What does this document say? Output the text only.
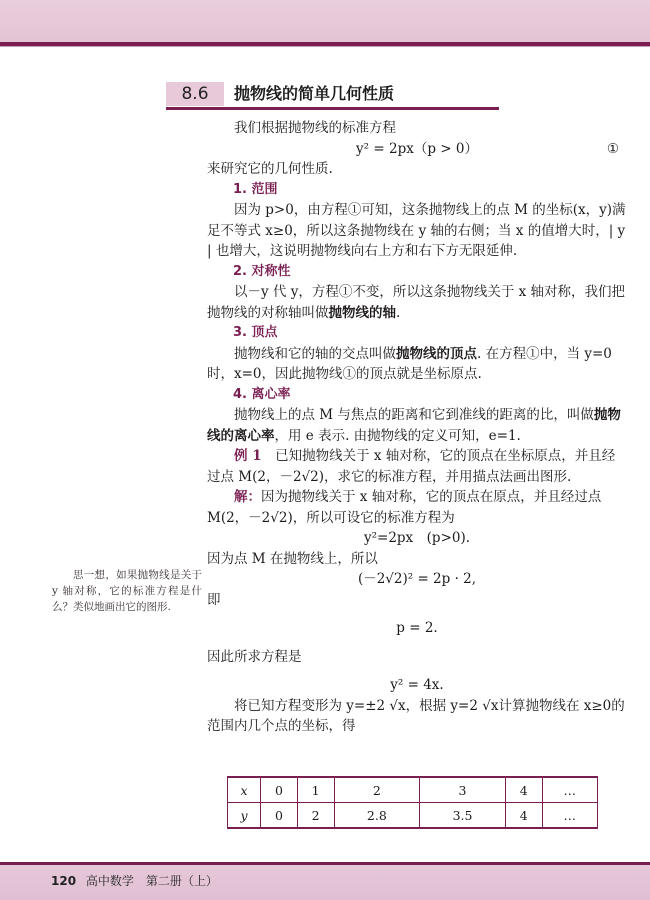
8.6	抛物线的简单几何性质

我们根据抛物线的标准方程

y² = 2px（p > 0）	①

来研究它的几何性质.

1. 范围

因为 p>0，由方程①可知，这条抛物线上的点 M 的坐标(x，y)满足不等式 x≥0，所以这条抛物线在 y 轴的右侧；当 x 的值增大时，| y | 也增大，这说明抛物线向右上方和右下方无限延伸.

2. 对称性

以－y 代 y，方程①不变，所以这条抛物线关于 x 轴对称，我们把抛物线的对称轴叫做抛物线的轴.

3. 顶点

抛物线和它的轴的交点叫做抛物线的顶点. 在方程①中，当 y=0时，x=0，因此抛物线①的顶点就是坐标原点.

4. 离心率

抛物线上的点 M 与焦点的距离和它到准线的距离的比，叫做抛物线的离心率，用 e 表示. 由抛物线的定义可知，e=1.

例 1　 已知抛物线关于 x 轴对称，它的顶点在坐标原点，并且经过点 M(2，－2√2)，求它的标准方程，并用描点法画出图形.

解：因为抛物线关于 x 轴对称，它的顶点在原点，并且经过点 M(2，－2√2)，所以可设它的标准方程为

y²=2px　(p>0).

因为点 M 在抛物线上，所以

(－2√2)² = 2p · 2,

即

p = 2.

因此所求方程是

y² = 4x.

将已知方程变形为 y=±2 √x，根据 y=2 √x计算抛物线在 x≥0的范围内几个点的坐标，得

思一想，如果抛物线是关于 y 轴对称，它的标准方程是什么？类似地画出它的图形.
x	0	1	2	3	4	…
y	0	2	2.8	3.5	4	…
120 高中数学　第二册（上）
